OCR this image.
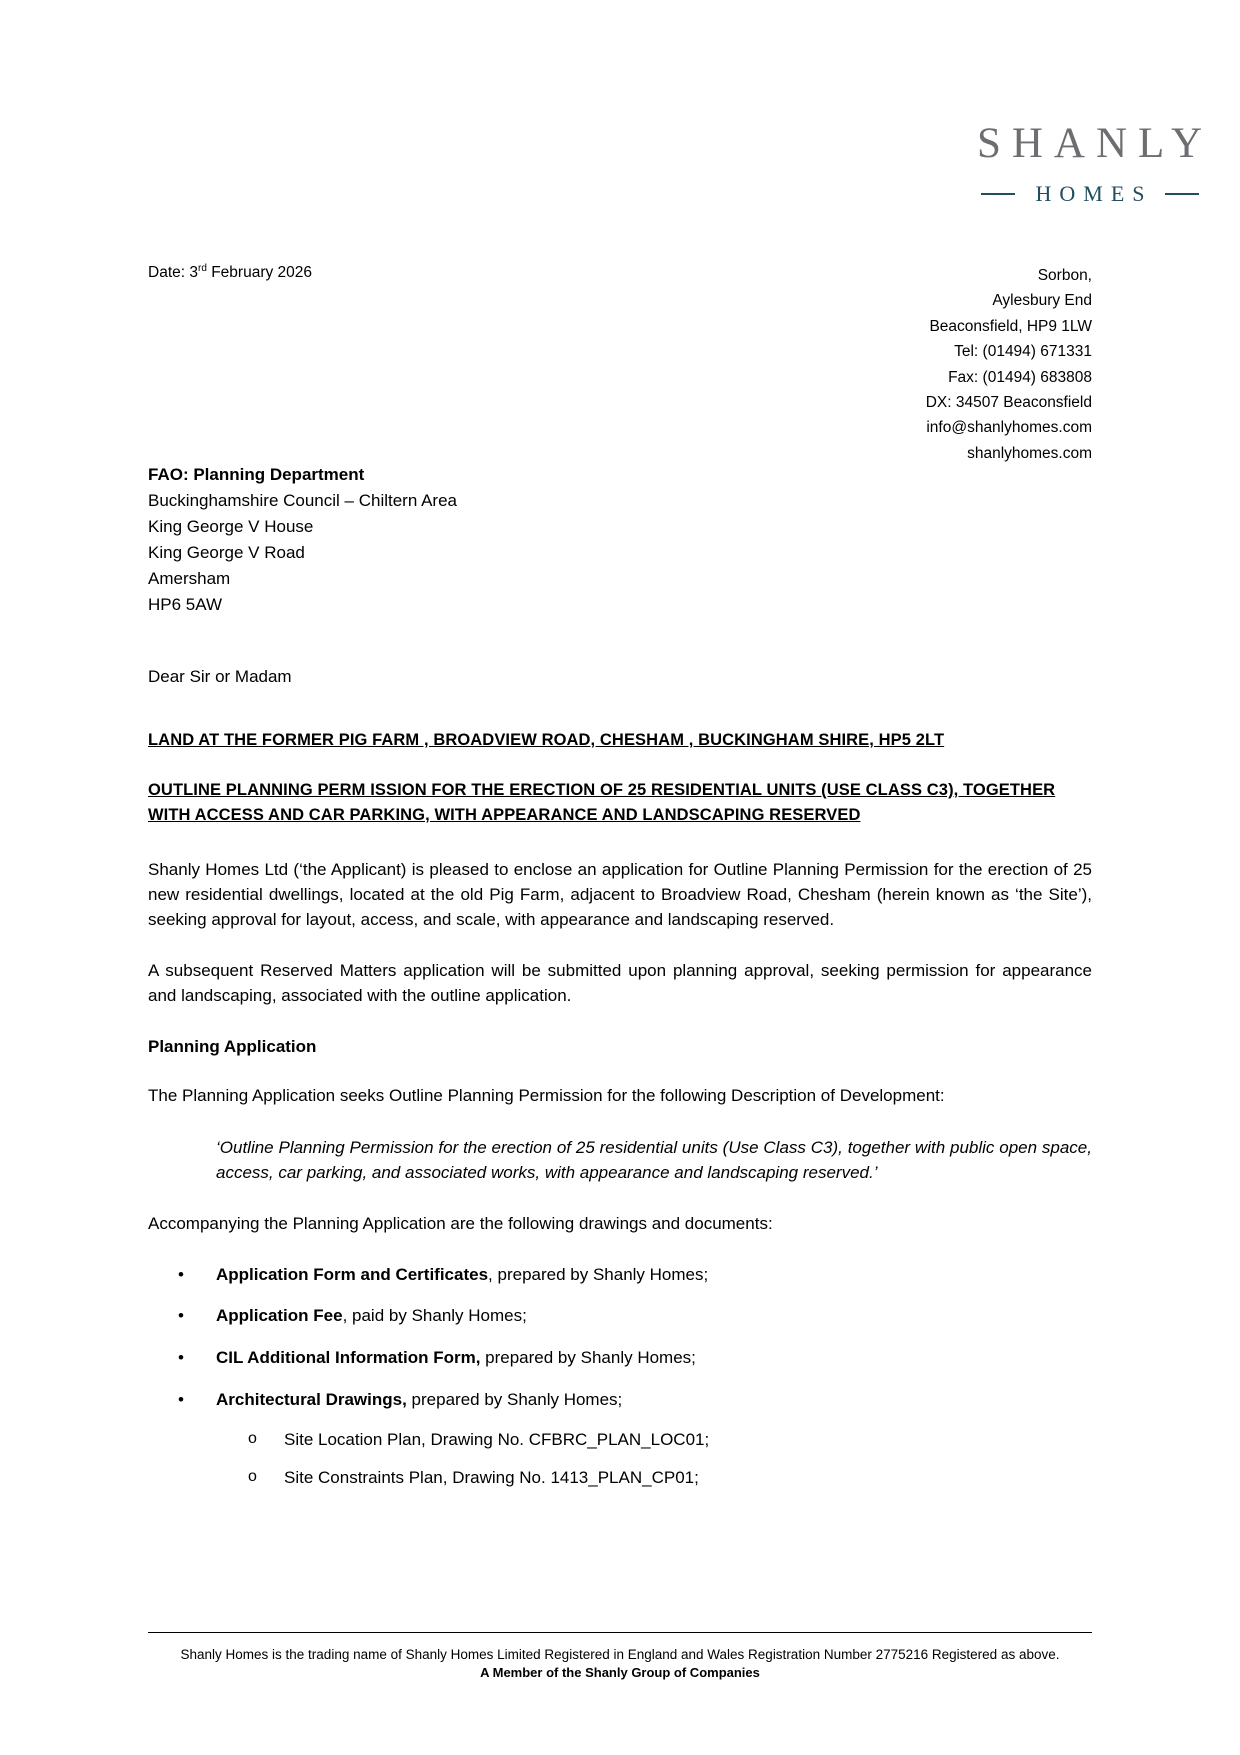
SHANLY
HOMES
Date: 3rd February 2026	Sorbon,
Aylesbury End
Beaconsfield, HP9 1LW
Tel: (01494) 671331
Fax: (01494) 683808
DX: 34507 Beaconsfield
info@shanlyhomes.com
shanlyhomes.com
FAO: Planning Department
Buckinghamshire Council – Chiltern Area
King George V House
King George V Road
Amersham
HP6 5AW

Dear Sir or Madam

LAND AT THE FORMER PIG FARM , BROADVIEW ROAD, CHESHAM , BUCKINGHAM SHIRE, HP5 2LT

OUTLINE PLANNING PERM ISSION FOR THE ERECTION OF 25 RESIDENTIAL UNITS (USE CLASS C3), TOGETHER WITH ACCESS AND CAR PARKING, WITH APPEARANCE AND LANDSCAPING RESERVED

Shanly Homes Ltd (‘the Applicant) is pleased to enclose an application for Outline Planning Permission for the erection of 25 new residential dwellings, located at the old Pig Farm, adjacent to Broadview Road, Chesham (herein known as ‘the Site’), seeking approval for layout, access, and scale, with appearance and landscaping reserved.

A subsequent Reserved Matters application will be submitted upon planning approval, seeking permission for appearance and landscaping, associated with the outline application.

Planning Application

The Planning Application seeks Outline Planning Permission for the following Description of Development:

‘Outline Planning Permission for the erection of 25 residential units (Use Class C3), together with public open space, access, car parking, and associated works, with appearance and landscaping reserved.’

Accompanying the Planning Application are the following drawings and documents:

• Application Form and Certificates, prepared by Shanly Homes;
• Application Fee, paid by Shanly Homes;
• CIL Additional Information Form, prepared by Shanly Homes;
• Architectural Drawings, prepared by Shanly Homes;
o Site Location Plan, Drawing No. CFBRC_PLAN_LOC01;
o Site Constraints Plan, Drawing No. 1413_PLAN_CP01;
Shanly Homes is the trading name of Shanly Homes Limited Registered in England and Wales Registration Number 2775216 Registered as above.
A Member of the Shanly Group of Companies
